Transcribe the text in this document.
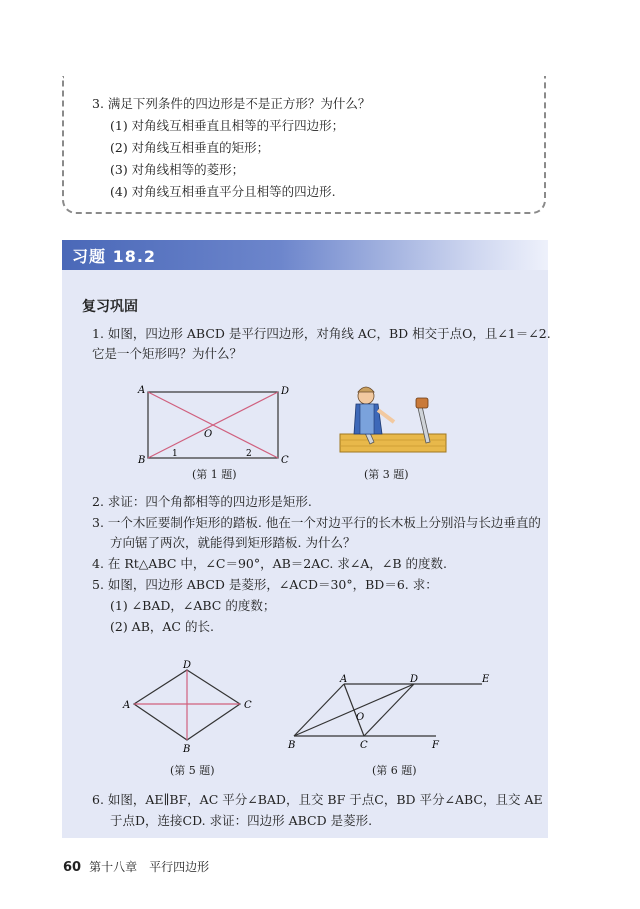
3. 满足下列条件的四边形是不是正方形？为什么？
(1) 对角线互相垂直且相等的平行四边形；
(2) 对角线互相垂直的矩形；
(3) 对角线相等的菱形；
(4) 对角线互相垂直平分且相等的四边形.
习题 18.2
复习巩固
1. 如图，四边形 ABCD 是平行四边形，对角线 AC，BD 相交于点O，且∠1＝∠2.
它是一个矩形吗？为什么？
A	D
B	C
O
1	2
(第 1 题)	(第 3 题)
2. 求证：四个角都相等的四边形是矩形.
3. 一个木匠要制作矩形的踏板. 他在一个对边平行的长木板上分别沿与长边垂直的
方向锯了两次，就能得到矩形踏板. 为什么？
4. 在 Rt△ABC 中，∠C＝90°，AB＝2AC. 求∠A，∠B 的度数.
5. 如图，四边形 ABCD 是菱形，∠ACD＝30°，BD＝6. 求：
(1) ∠BAD，∠ABC 的度数；
(2) AB，AC 的长.
D
A	C
B
(第 5 题)
A	D	E
B	C	F
O
(第 6 题)
6. 如图，AE∥BF，AC 平分∠BAD，且交 BF 于点C，BD 平分∠ABC，且交 AE
于点D，连接CD. 求证：四边形 ABCD 是菱形.
60 第十八章　平行四边形
